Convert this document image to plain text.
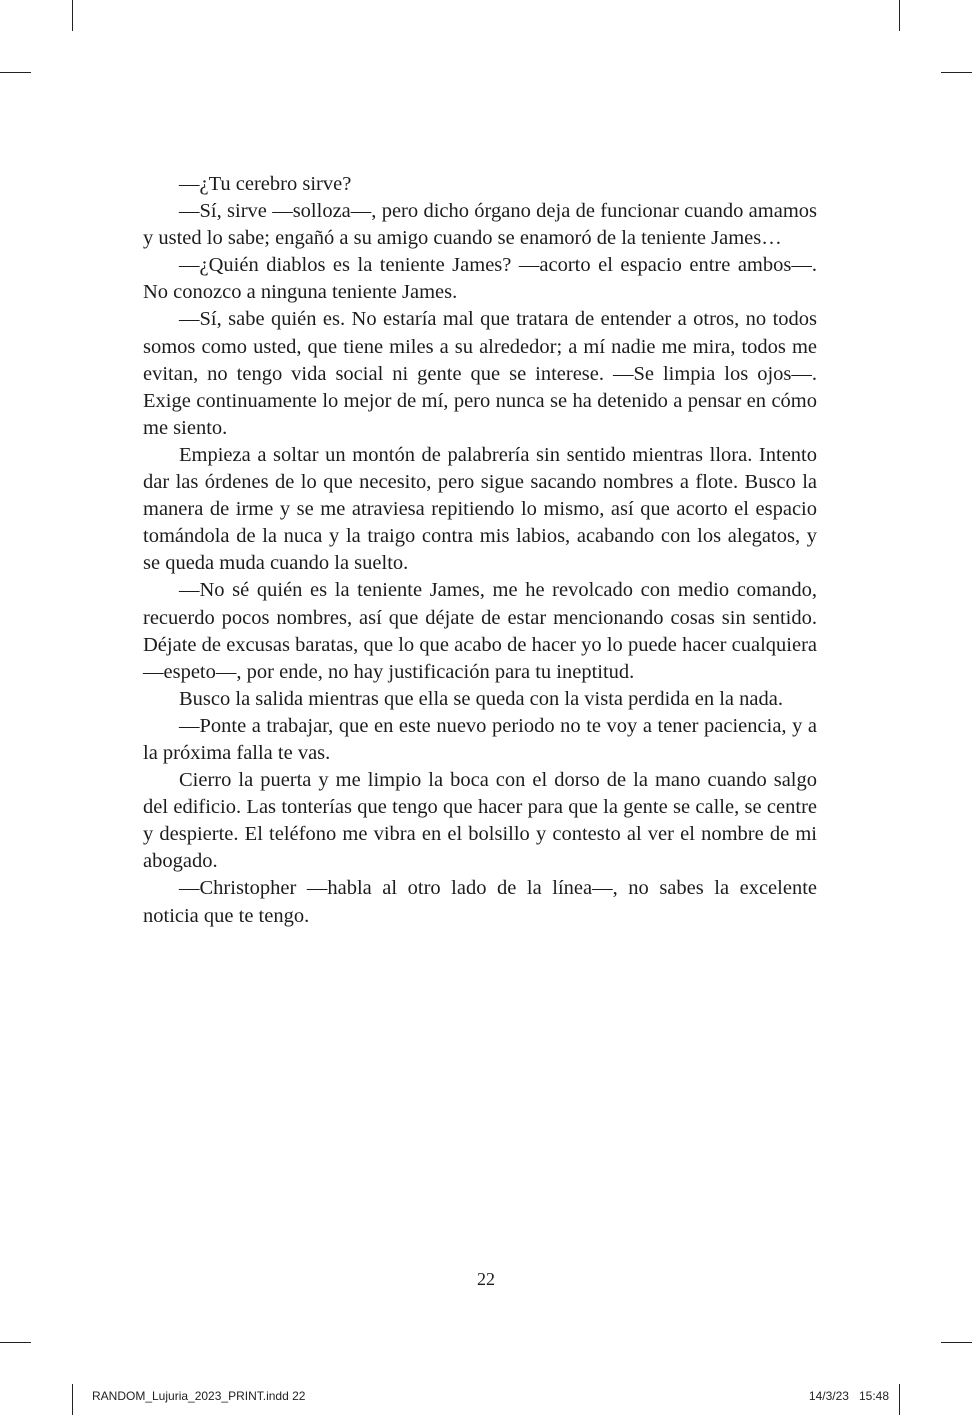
—¿Tu cerebro sirve?

—Sí, sirve —solloza—, pero dicho órgano deja de funcionar cuando amamos y usted lo sabe; engañó a su amigo cuando se enamoró de la teniente James…

—¿Quién diablos es la teniente James? —acorto el espacio entre ambos—. No conozco a ninguna teniente James.

—Sí, sabe quién es. No estaría mal que tratara de entender a otros, no todos somos como usted, que tiene miles a su alrededor; a mí nadie me mira, todos me evitan, no tengo vida social ni gente que se interese. —Se limpia los ojos—. Exige continuamente lo mejor de mí, pero nunca se ha detenido a pensar en cómo me siento.

Empieza a soltar un montón de palabrería sin sentido mientras llora. Intento dar las órdenes de lo que necesito, pero sigue sacando nombres a flote. Busco la manera de irme y se me atraviesa repitiendo lo mismo, así que acorto el espacio tomándola de la nuca y la traigo contra mis labios, acabando con los alegatos, y se queda muda cuando la suelto.

—No sé quién es la teniente James, me he revolcado con medio comando, recuerdo pocos nombres, así que déjate de estar mencionando cosas sin sentido. Déjate de excusas baratas, que lo que acabo de hacer yo lo puede hacer cualquiera —espeto—, por ende, no hay justificación para tu ineptitud.

Busco la salida mientras que ella se queda con la vista perdida en la nada.

—Ponte a trabajar, que en este nuevo periodo no te voy a tener paciencia, y a la próxima falla te vas.

Cierro la puerta y me limpio la boca con el dorso de la mano cuando salgo del edificio. Las tonterías que tengo que hacer para que la gente se calle, se centre y despierte. El teléfono me vibra en el bolsillo y contesto al ver el nombre de mi abogado.

—Christopher —habla al otro lado de la línea—, no sabes la excelente noticia que te tengo.

22
RANDOM_Lujuria_2023_PRINT.indd 22	14/3/23 15:48
